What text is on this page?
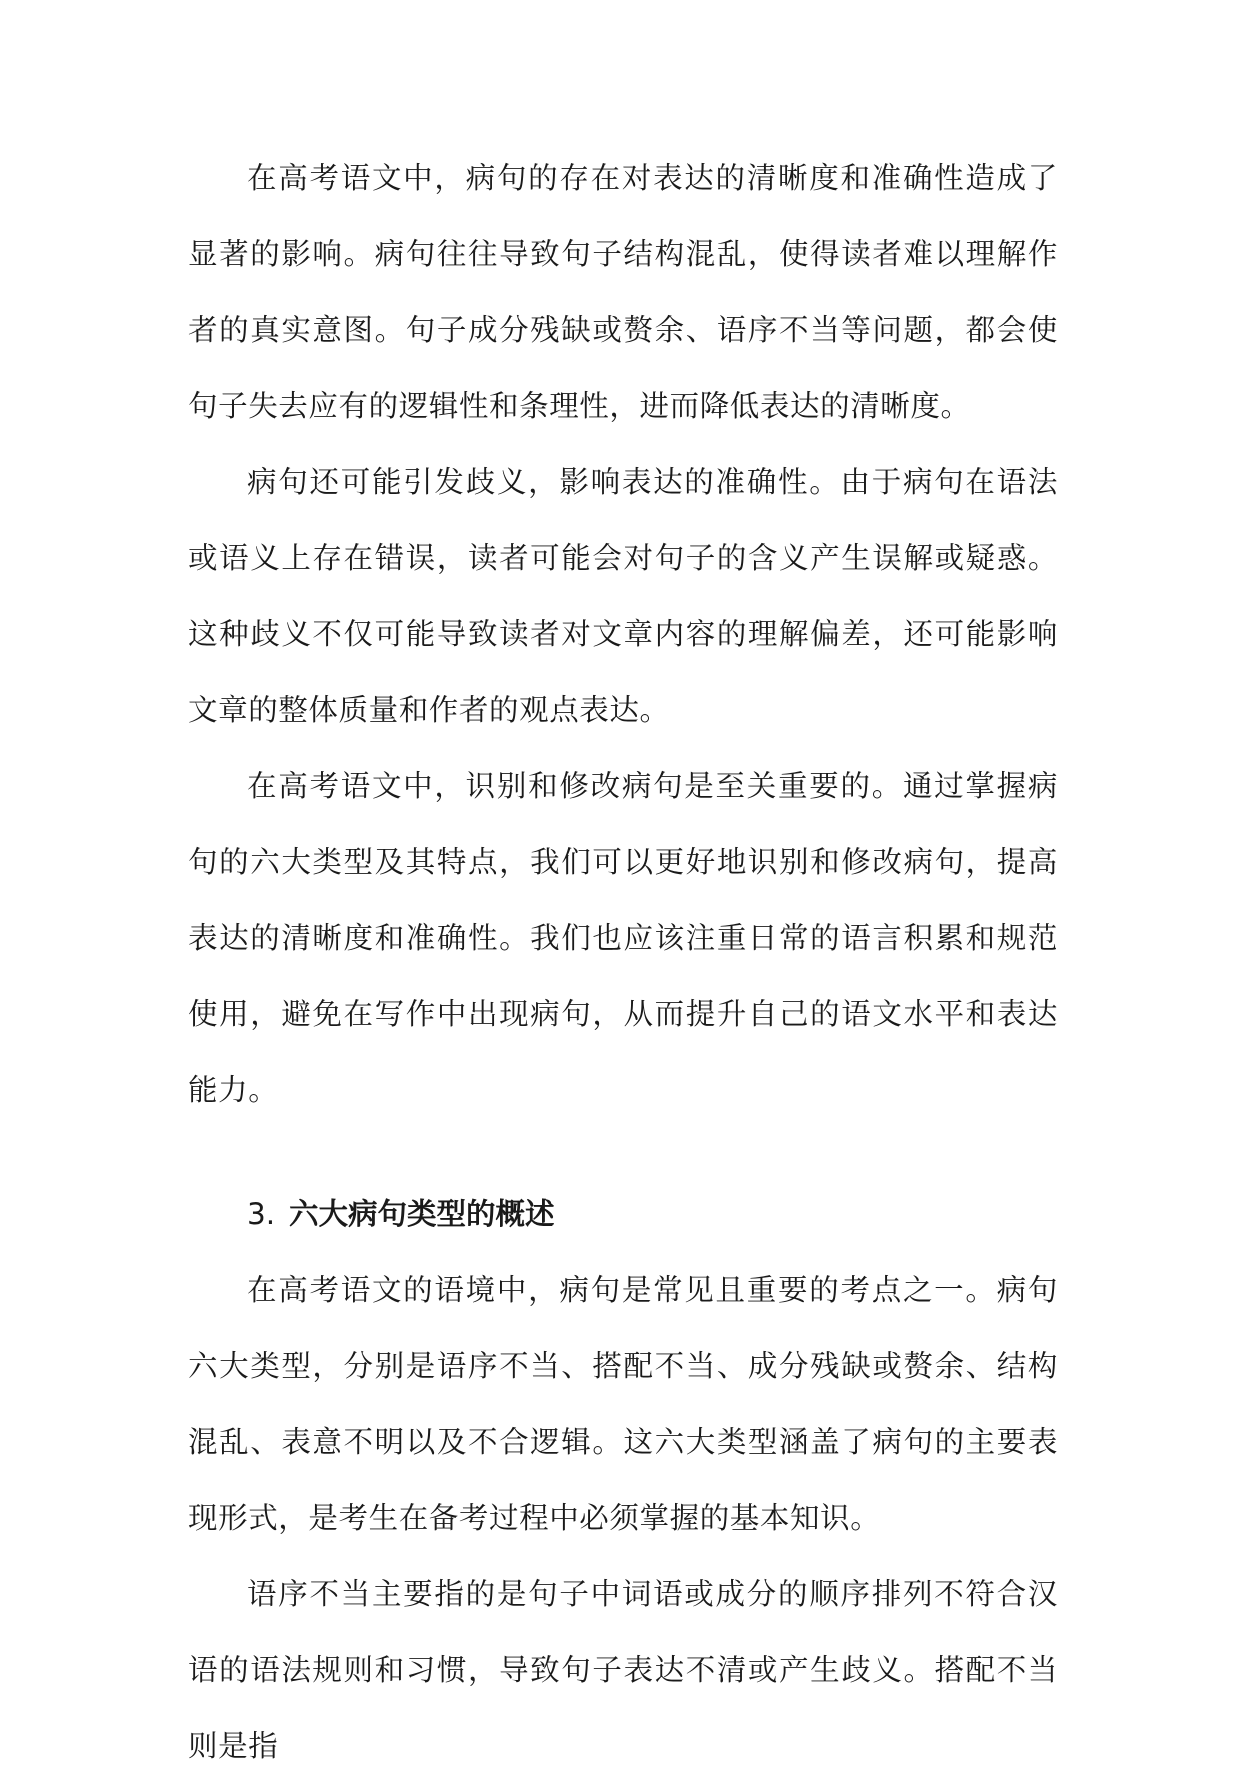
在高考语文中，病句的存在对表达的清晰度和准确性造成了显著的影响。病句往往导致句子结构混乱，使得读者难以理解作者的真实意图。句子成分残缺或赘余、语序不当等问题，都会使句子失去应有的逻辑性和条理性，进而降低表达的清晰度。

病句还可能引发歧义，影响表达的准确性。由于病句在语法或语义上存在错误，读者可能会对句子的含义产生误解或疑惑。这种歧义不仅可能导致读者对文章内容的理解偏差，还可能影响文章的整体质量和作者的观点表达。

在高考语文中，识别和修改病句是至关重要的。通过掌握病句的六大类型及其特点，我们可以更好地识别和修改病句，提高表达的清晰度和准确性。我们也应该注重日常的语言积累和规范使用，避免在写作中出现病句，从而提升自己的语文水平和表达能力。

3. 六大病句类型的概述

在高考语文的语境中，病句是常见且重要的考点之一。病句六大类型，分别是语序不当、搭配不当、成分残缺或赘余、结构混乱、表意不明以及不合逻辑。这六大类型涵盖了病句的主要表现形式，是考生在备考过程中必须掌握的基本知识。

语序不当主要指的是句子中词语或成分的顺序排列不符合汉语的语法规则和习惯，导致句子表达不清或产生歧义。搭配不当则是指
